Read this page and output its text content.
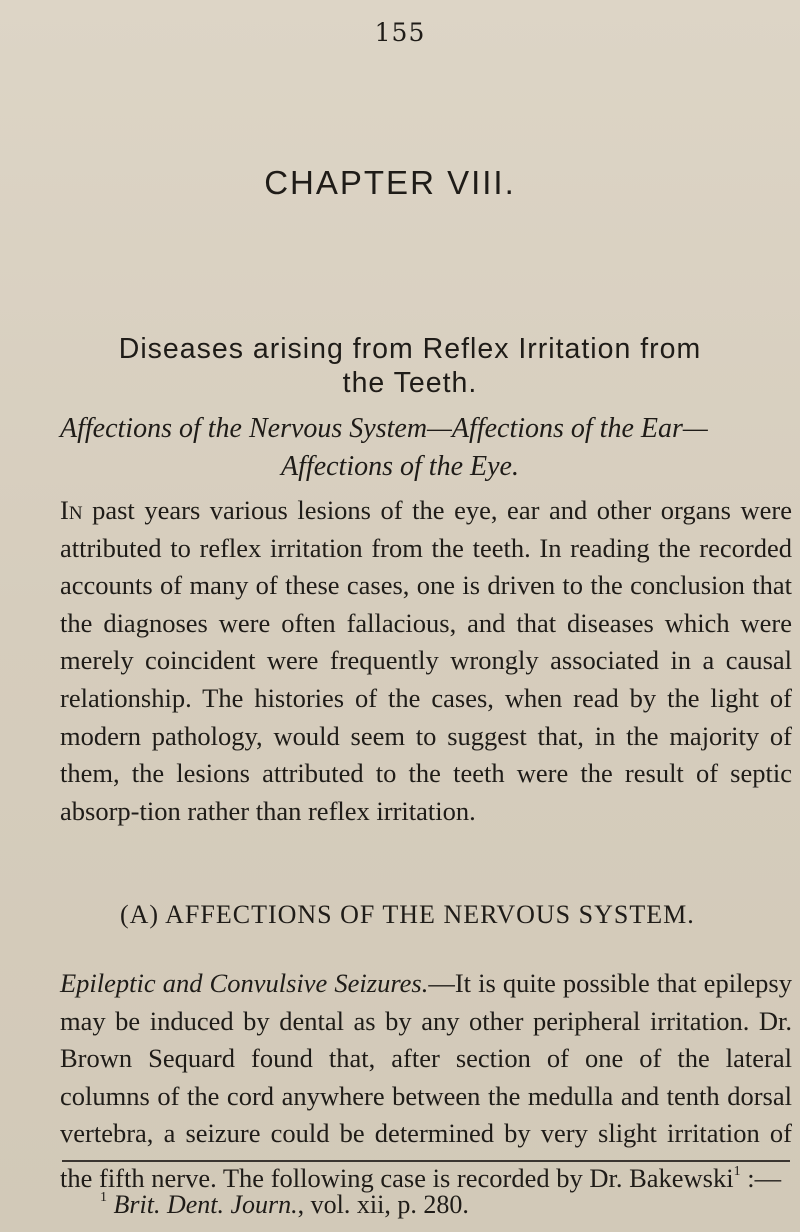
155
CHAPTER VIII.
Diseases arising from Reflex Irritation from
the Teeth.
Affections of the Nervous System—Affections of the Ear—
Affections of the Eye.
In past years various lesions of the eye, ear and other organs were attributed to reflex irritation from the teeth. In reading the recorded accounts of many of these cases, one is driven to the conclusion that the diagnoses were often fallacious, and that diseases which were merely coincident were frequently wrongly associated in a causal relationship. The histories of the cases, when read by the light of modern pathology, would seem to suggest that, in the majority of them, the lesions attributed to the teeth were the result of septic absorp-tion rather than reflex irritation.
(A) AFFECTIONS OF THE NERVOUS SYSTEM.
Epileptic and Convulsive Seizures.—It is quite possible that epilepsy may be induced by dental as by any other peripheral irritation. Dr. Brown Sequard found that, after section of one of the lateral columns of the cord anywhere between the medulla and tenth dorsal vertebra, a seizure could be determined by very slight irritation of the fifth nerve. The following case is recorded by Dr. Bakewski$^1$ :—
$^1$ Brit. Dent. Journ., vol. xii, p. 280.
